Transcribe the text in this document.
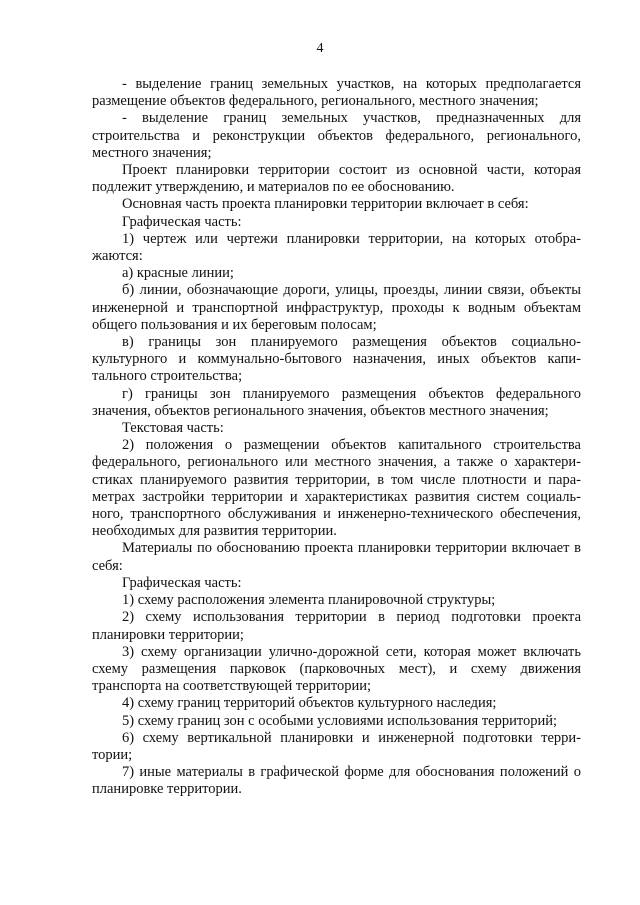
4

- выделение границ земельных участков, на которых предполагается размещение объектов федерального, регионального, местного значения;

- выделение границ земельных участков, предназначенных для строительства и реконструкции объектов федерального, регионального, местного значения;

Проект планировки территории состоит из основной части, которая подлежит утверждению, и материалов по ее обоснованию.

Основная часть проекта планировки территории включает в себя:

Графическая часть:

1) чертеж или чертежи планировки территории, на которых отображаются:

а) красные линии;

б) линии, обозначающие дороги, улицы, проезды, линии связи, объекты инженерной и транспортной инфраструктур, проходы к водным объектам общего пользования и их береговым полосам;

в) границы зон планируемого размещения объектов социально-культурного и коммунально-бытового назначения, иных объектов капитального строительства;

г) границы зон планируемого размещения объектов федерального значения, объектов регионального значения, объектов местного значения;

Текстовая часть:

2) положения о размещении объектов капитального строительства федерального, регионального или местного значения, а также о характеристиках планируемого развития территории, в том числе плотности и параметрах застройки территории и характеристиках развития систем социального, транспортного обслуживания и инженерно-технического обеспечения, необходимых для развития территории.

Материалы по обоснованию проекта планировки территории включает в себя:

Графическая часть:

1) схему расположения элемента планировочной структуры;

2) схему использования территории в период подготовки проекта планировки территории;

3) схему организации улично-дорожной сети, которая может включать схему размещения парковок (парковочных мест), и схему движения транспорта на соответствующей территории;

4) схему границ территорий объектов культурного наследия;

5) схему границ зон с особыми условиями использования территорий;

6) схему вертикальной планировки и инженерной подготовки территории;

7) иные материалы в графической форме для обоснования положений о планировке территории.
